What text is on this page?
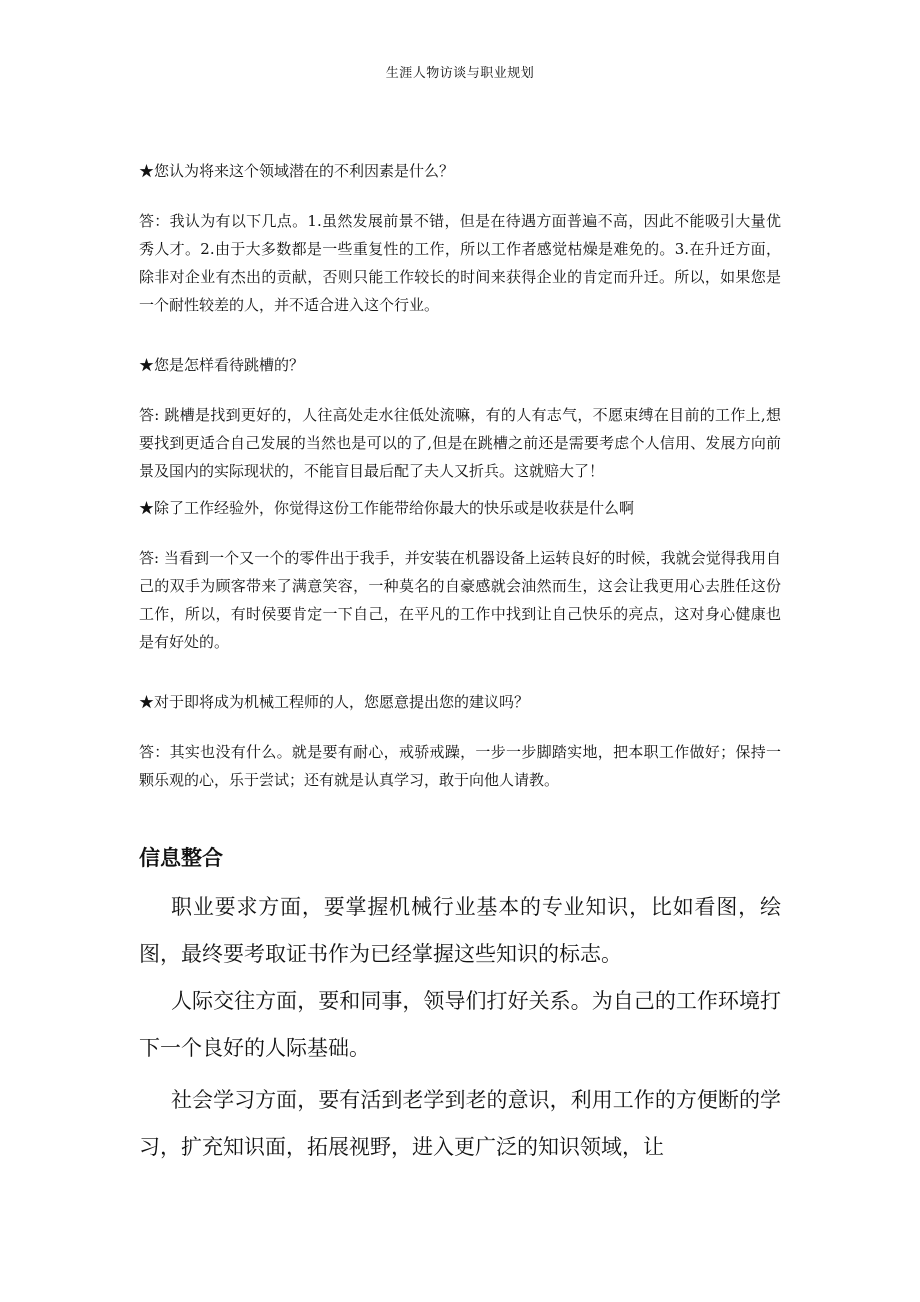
生涯人物访谈与职业规划

★您认为将来这个领域潜在的不利因素是什么？

答：我认为有以下几点。1.虽然发展前景不错，但是在待遇方面普遍不高，因此不能吸引大量优秀人才。2.由于大多数都是一些重复性的工作，所以工作者感觉枯燥是难免的。3.在升迁方面，除非对企业有杰出的贡献，否则只能工作较长的时间来获得企业的肯定而升迁。所以，如果您是一个耐性较差的人，并不适合进入这个行业。

★您是怎样看待跳槽的？

答: 跳槽是找到更好的，人往高处走水往低处流嘛，有的人有志气，不愿束缚在目前的工作上,想要找到更适合自己发展的当然也是可以的了,但是在跳槽之前还是需要考虑个人信用、发展方向前景及国内的实际现状的，不能盲目最后配了夫人又折兵。这就赔大了！

★除了工作经验外，你觉得这份工作能带给你最大的快乐或是收获是什么啊

答: 当看到一个又一个的零件出于我手，并安装在机器设备上运转良好的时候，我就会觉得我用自己的双手为顾客带来了满意笑容，一种莫名的自豪感就会油然而生，这会让我更用心去胜任这份工作，所以，有时侯要肯定一下自己，在平凡的工作中找到让自己快乐的亮点，这对身心健康也是有好处的。

★对于即将成为机械工程师的人，您愿意提出您的建议吗？

答：其实也没有什么。就是要有耐心，戒骄戒躁，一步一步脚踏实地，把本职工作做好；保持一颗乐观的心，乐于尝试；还有就是认真学习，敢于向他人请教。

信息整合

职业要求方面，要掌握机械行业基本的专业知识，比如看图，绘图，最终要考取证书作为已经掌握这些知识的标志。

人际交往方面，要和同事，领导们打好关系。为自己的工作环境打下一个良好的人际基础。

社会学习方面，要有活到老学到老的意识，利用工作的方便断的学习，扩充知识面，拓展视野，进入更广泛的知识领域，让
